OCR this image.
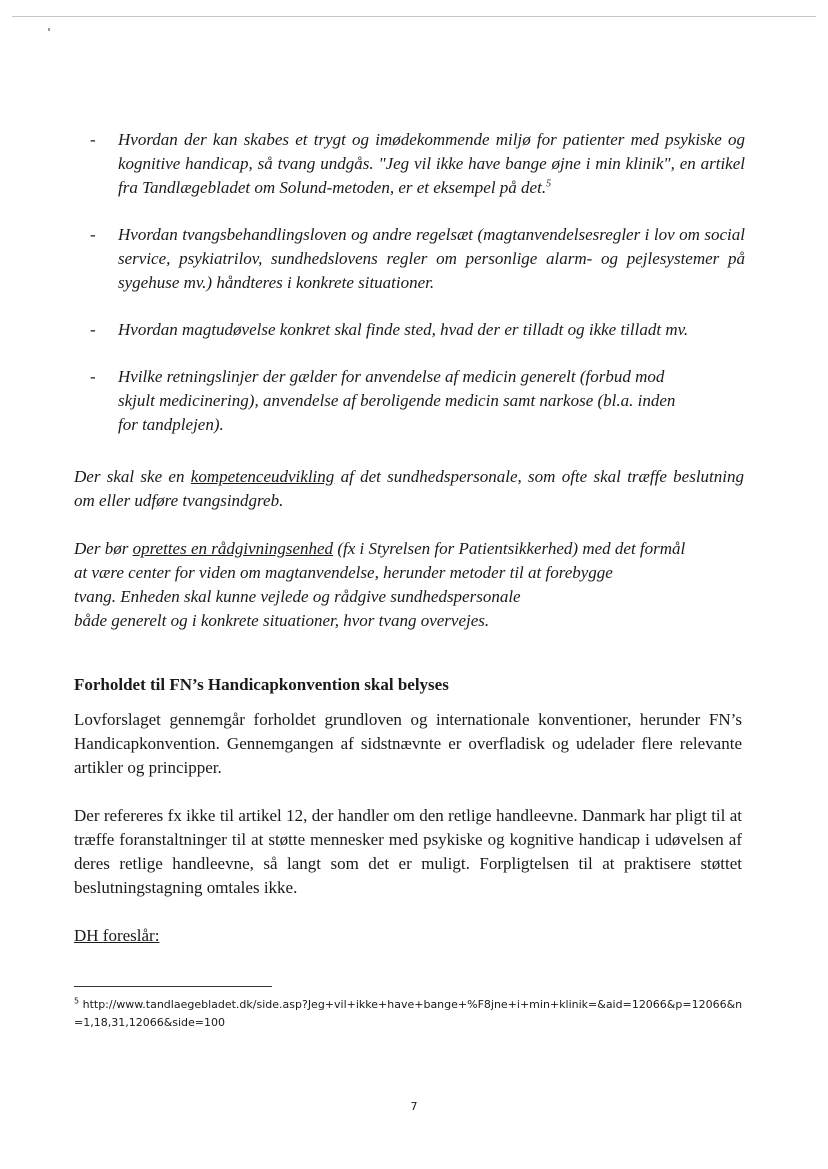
- Hvordan der kan skabes et trygt og imødekommende miljø for patienter med psykiske og kognitive handicap, så tvang undgås. "Jeg vil ikke have bange øjne i min klinik", en artikel fra Tandlægebladet om Solund-metoden, er et eksempel på det.$^5$
- Hvordan tvangsbehandlingsloven og andre regelsæt (magtanvendelsesregler i lov om social service, psykiatrilov, sundhedslovens regler om personlige alarm- og pejlesystemer på sygehuse mv.) håndteres i konkrete situationer.
- Hvordan magtudøvelse konkret skal finde sted, hvad der er tilladt og ikke tilladt mv.
- Hvilke retningslinjer der gælder for anvendelse af medicin generelt (forbud mod
skjult medicinering), anvendelse af beroligende medicin samt narkose (bl.a. inden
for tandplejen).
Der skal ske en kompetenceudvikling af det sundhedspersonale, som ofte skal træffe beslutning om eller udføre tvangsindgreb.
Der bør oprettes en rådgivningsenhed (fx i Styrelsen for Patientsikkerhed) med det formål
at være center for viden om magtanvendelse, herunder metoder til at forebygge
tvang. Enheden skal kunne vejlede og rådgive sundhedspersonale
både generelt og i konkrete situationer, hvor tvang overvejes.
Forholdet til FN’s Handicapkonvention skal belyses
Lovforslaget gennemgår forholdet grundloven og internationale konventioner, herunder FN’s Handicapkonvention. Gennemgangen af sidstnævnte er overfladisk og udelader flere relevante artikler og principper.
Der refereres fx ikke til artikel 12, der handler om den retlige handleevne. Danmark har pligt til at træffe foranstaltninger til at støtte mennesker med psykiske og kognitive handicap i udøvelsen af deres retlige handleevne, så langt som det er muligt. Forpligtelsen til at praktisere støttet beslutningstagning omtales ikke.
DH foreslår:
$^5$ http://www.tandlaegebladet.dk/side.asp?Jeg+vil+ikke+have+bange+%F8jne+i+min+klinik=&aid=12066&p=12066&n=1,18,31,12066&side=100
7
